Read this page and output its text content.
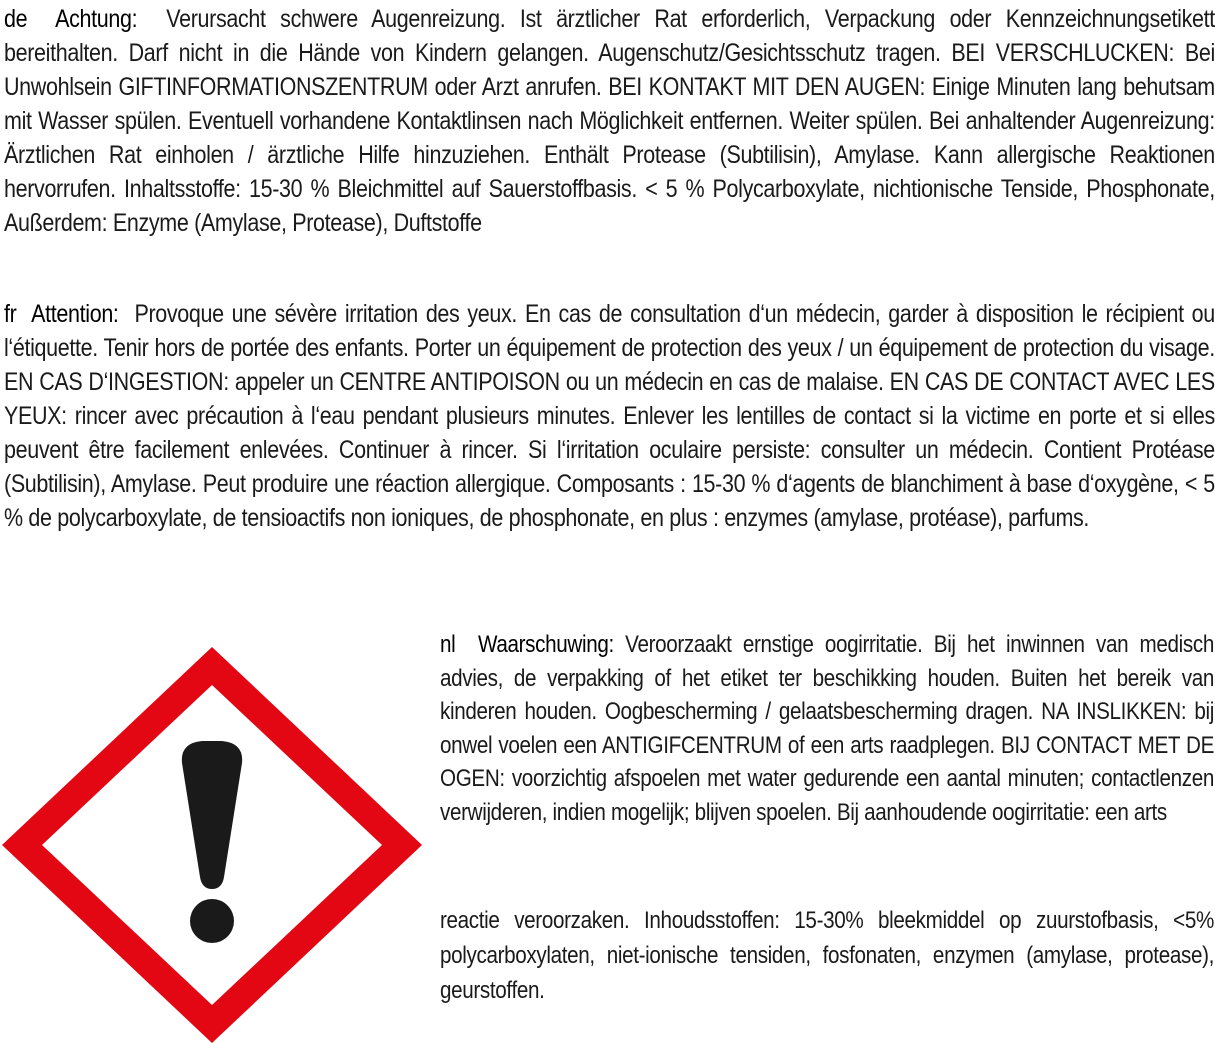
de Achtung: Verursacht schwere Augenreizung. Ist ärztlicher Rat erforderlich, Verpackung oder Kennzeichnungsetikett bereithalten. Darf nicht in die Hände von Kindern gelangen. Augenschutz/Gesichtsschutz tragen. BEI VERSCHLUCKEN: Bei Unwohlsein GIFTINFORMATIONSZENTRUM oder Arzt anrufen. BEI KONTAKT MIT DEN AUGEN: Einige Minuten lang behutsam mit Wasser spülen. Eventuell vorhandene Kontaktlinsen nach Möglichkeit entfernen. Weiter spülen. Bei anhaltender Augenreizung: Ärztlichen Rat einholen / ärztliche Hilfe hinzuziehen. Enthält Protease (Subtilisin), Amylase. Kann allergische Reaktionen hervorrufen. Inhaltsstoffe: 15-30 % Bleichmittel auf Sauerstoffbasis. < 5 % Polycarboxylate, nichtionische Tenside, Phosphonate, Außerdem: Enzyme (Amylase, Protease), Duftstoffe

fr Attention: Provoque une sévère irritation des yeux. En cas de consultation d‘un médecin, garder à disposition le récipient ou l‘étiquette. Tenir hors de portée des enfants. Porter un équipement de protection des yeux / un équipement de protection du visage. EN CAS D‘INGESTION: appeler un CENTRE ANTIPOISON ou un médecin en cas de malaise. EN CAS DE CONTACT AVEC LES YEUX: rincer avec précaution à l‘eau pendant plusieurs minutes. Enlever les lentilles de contact si la victime en porte et si elles peuvent être facilement enlevées. Continuer à rincer. Si l‘irritation oculaire persiste: consulter un médecin. Contient Protéase (Subtilisin), Amylase. Peut produire une réaction allergique. Composants : 15-30 % d‘agents de blanchiment à base d‘oxygène, < 5 % de polycarboxylate, de tensioactifs non ioniques, de phosphonate, en plus : enzymes (amylase, protéase), parfums.

nl Waarschuwing: Veroorzaakt ernstige oogirritatie. Bij het inwinnen van medisch advies, de verpakking of het etiket ter beschikking houden. Buiten het bereik van kinderen houden. Oogbescherming / gelaatsbescherming dragen. NA INSLIKKEN: bij onwel voelen een ANTIGIFCENTRUM of een arts raadplegen. BIJ CONTACT MET DE OGEN: voorzichtig afspoelen met water gedurende een aantal minuten; contactlenzen verwijderen, indien mogelijk; blijven spoelen. Bij aanhoudende oogirritatie: een arts

reactie veroorzaken. Inhoudsstoffen: 15-30% bleekmiddel op zuurstofbasis, <5% polycarboxylaten, niet-ionische tensiden, fosfonaten, enzymen (amylase, protease), geurstoffen.
